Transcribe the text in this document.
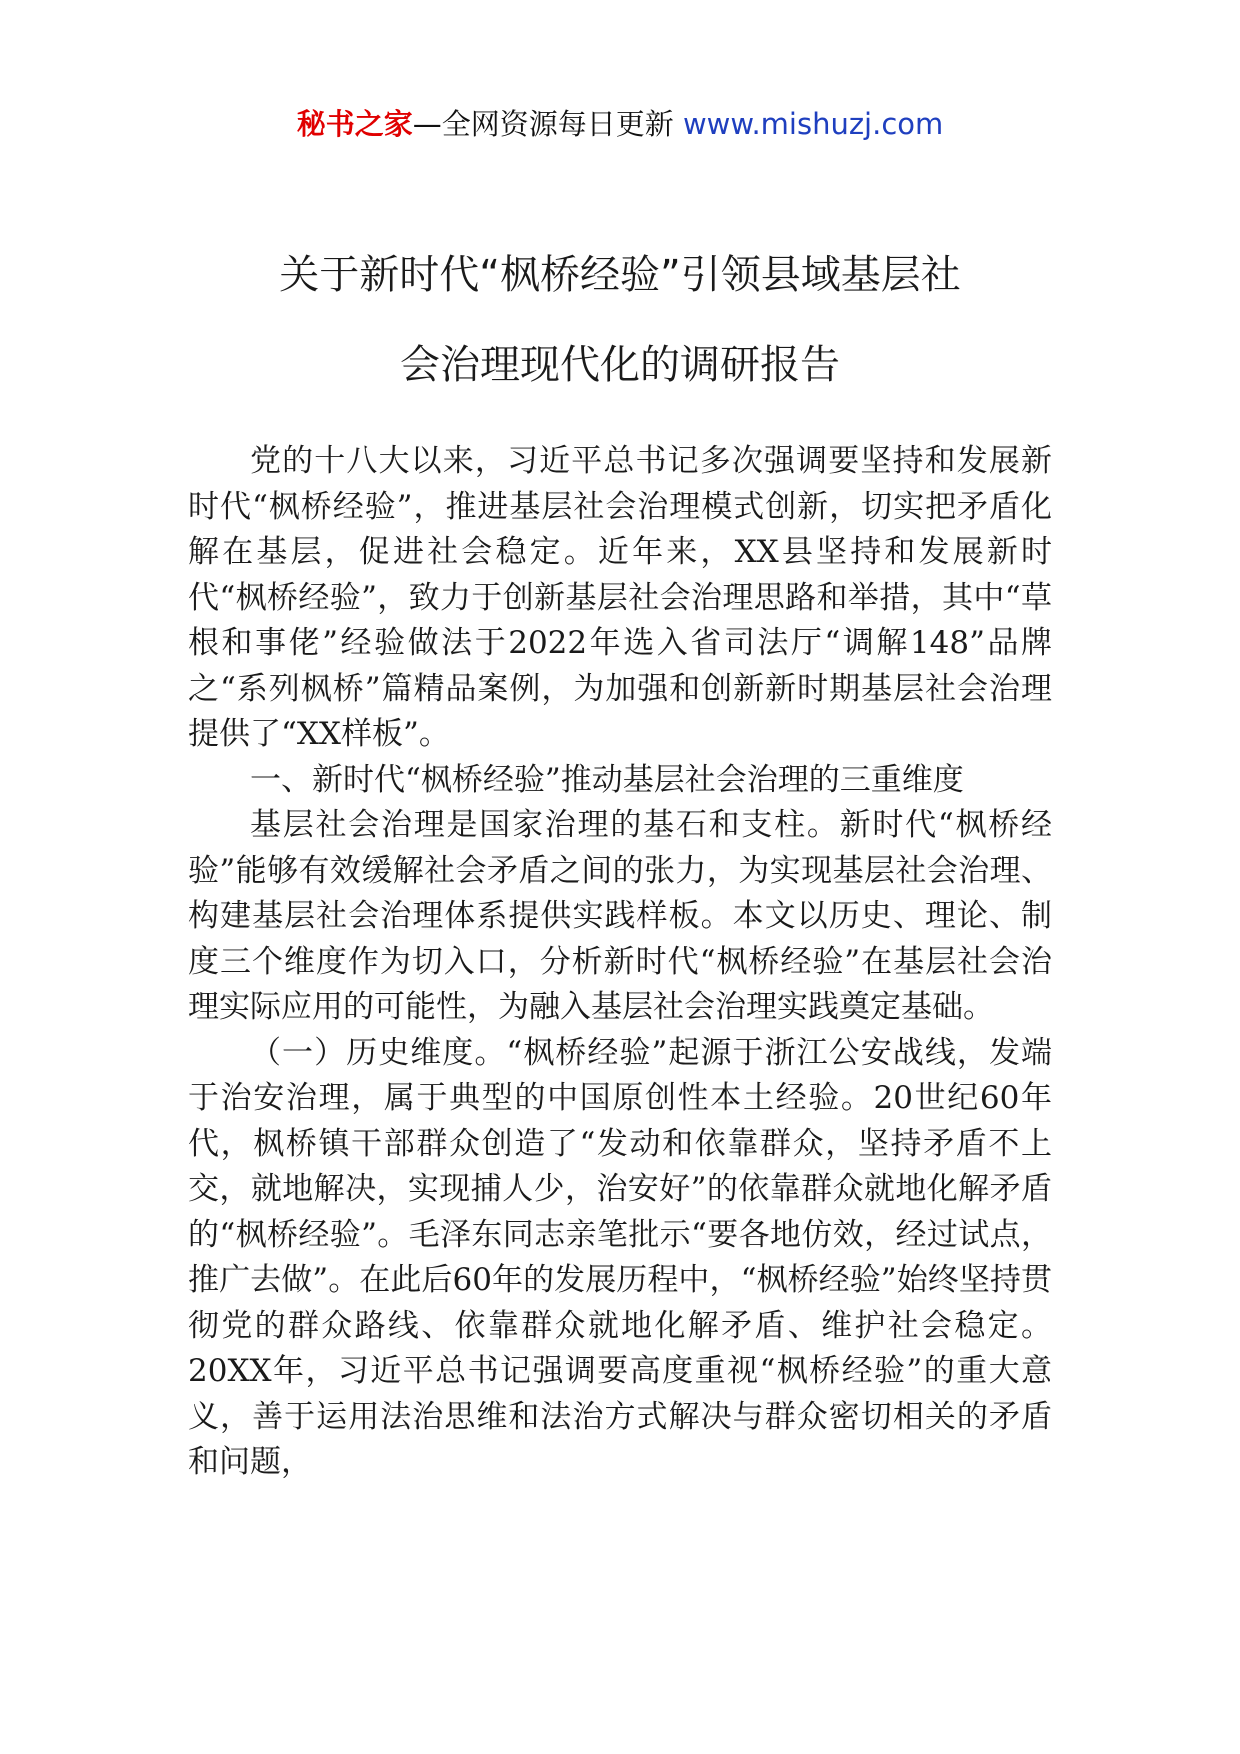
秘书之家—全网资源每日更新 www.mishuzj.com
关于新时代“枫桥经验”引领县域基层社
会治理现代化的调研报告

党的十八大以来，习近平总书记多次强调要坚持和发展新时代“枫桥经验”，推进基层社会治理模式创新，切实把矛盾化解在基层，促进社会稳定。近年来，XX县坚持和发展新时代“枫桥经验”，致力于创新基层社会治理思路和举措，其中“草根和事佬”经验做法于2022年选入省司法厅“调解148”品牌之“系列枫桥”篇精品案例，为加强和创新新时期基层社会治理提供了“XX样板”。

一、新时代“枫桥经验”推动基层社会治理的三重维度

基层社会治理是国家治理的基石和支柱。新时代“枫桥经验”能够有效缓解社会矛盾之间的张力，为实现基层社会治理、构建基层社会治理体系提供实践样板。本文以历史、理论、制度三个维度作为切入口，分析新时代“枫桥经验”在基层社会治理实际应用的可能性，为融入基层社会治理实践奠定基础。

（一）历史维度。“枫桥经验”起源于浙江公安战线，发端于治安治理，属于典型的中国原创性本土经验。20世纪60年代，枫桥镇干部群众创造了“发动和依靠群众，坚持矛盾不上交，就地解决，实现捕人少，治安好”的依靠群众就地化解矛盾的“枫桥经验”。毛泽东同志亲笔批示“要各地仿效，经过试点，推广去做”。在此后60年的发展历程中，“枫桥经验”始终坚持贯彻党的群众路线、依靠群众就地化解矛盾、维护社会稳定。20XX年，习近平总书记强调要高度重视“枫桥经验”的重大意义，善于运用法治思维和法治方式解决与群众密切相关的矛盾和问题，
